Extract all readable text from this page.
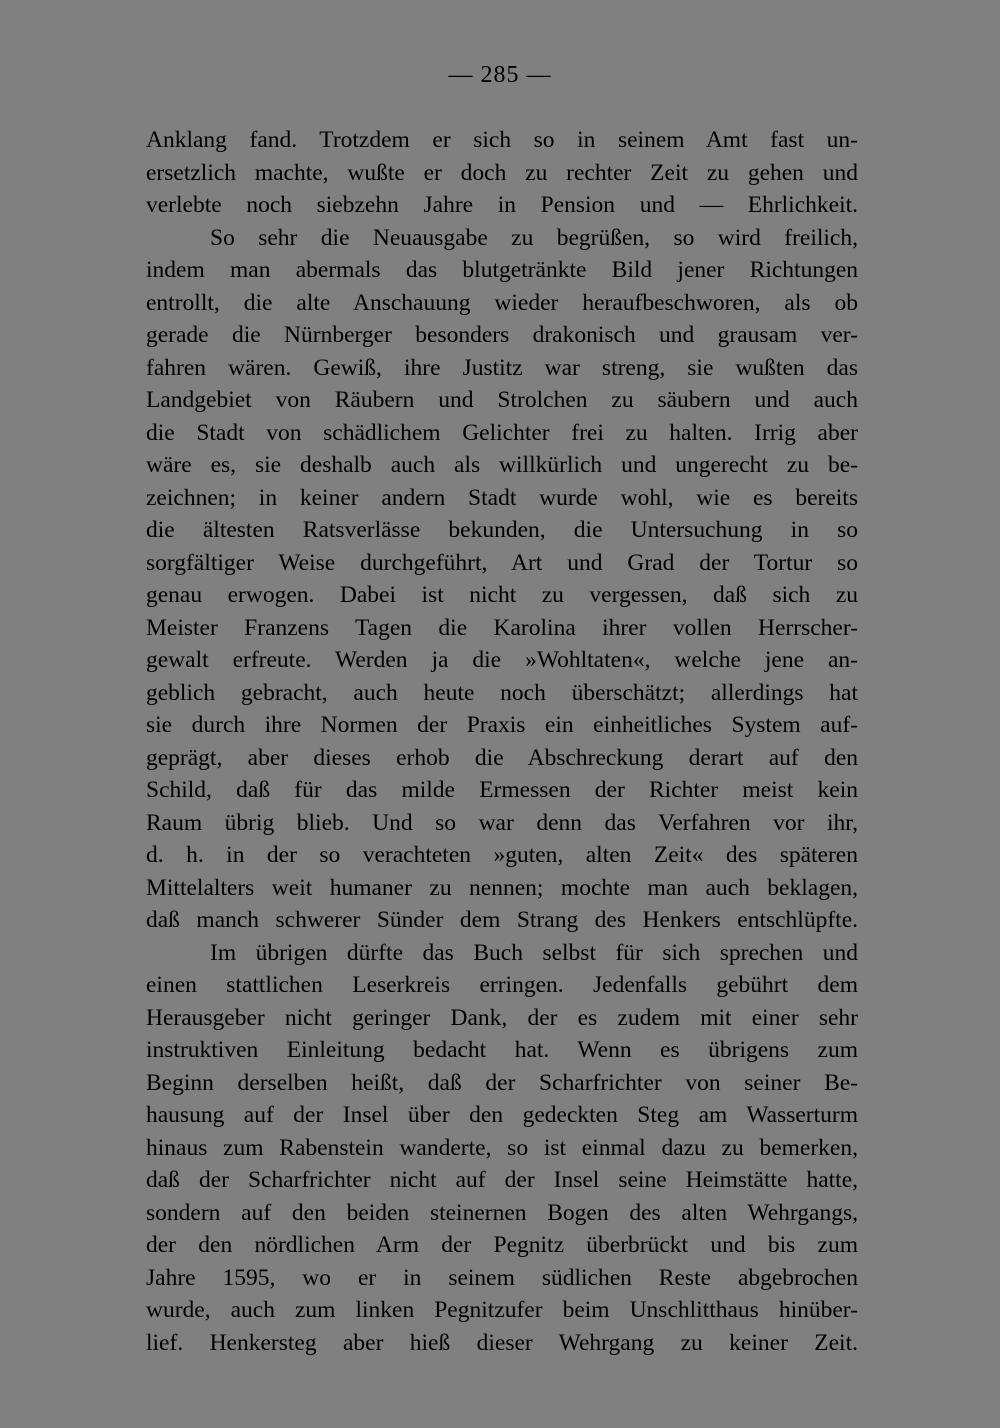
— 285 —
Anklang fand. Trotzdem er sich so in seinem Amt fast un-
ersetzlich machte, wußte er doch zu rechter Zeit zu gehen und
verlebte noch siebzehn Jahre in Pension und — Ehrlichkeit.
So sehr die Neuausgabe zu begrüßen, so wird freilich,
indem man abermals das blutgetränkte Bild jener Richtungen
entrollt, die alte Anschauung wieder heraufbeschworen, als ob
gerade die Nürnberger besonders drakonisch und grausam ver-
fahren wären. Gewiß, ihre Justitz war streng, sie wußten das
Landgebiet von Räubern und Strolchen zu säubern und auch
die Stadt von schädlichem Gelichter frei zu halten. Irrig aber
wäre es, sie deshalb auch als willkürlich und ungerecht zu be-
zeichnen; in keiner andern Stadt wurde wohl, wie es bereits
die ältesten Ratsverlässe bekunden, die Untersuchung in so
sorgfältiger Weise durchgeführt, Art und Grad der Tortur so
genau erwogen. Dabei ist nicht zu vergessen, daß sich zu
Meister Franzens Tagen die Karolina ihrer vollen Herrscher-
gewalt erfreute. Werden ja die »Wohltaten«, welche jene an-
geblich gebracht, auch heute noch überschätzt; allerdings hat
sie durch ihre Normen der Praxis ein einheitliches System auf-
geprägt, aber dieses erhob die Abschreckung derart auf den
Schild, daß für das milde Ermessen der Richter meist kein
Raum übrig blieb. Und so war denn das Verfahren vor ihr,
d. h. in der so verachteten »guten, alten Zeit« des späteren
Mittelalters weit humaner zu nennen; mochte man auch beklagen,
daß manch schwerer Sünder dem Strang des Henkers entschlüpfte.
Im übrigen dürfte das Buch selbst für sich sprechen und
einen stattlichen Leserkreis erringen. Jedenfalls gebührt dem
Herausgeber nicht geringer Dank, der es zudem mit einer sehr
instruktiven Einleitung bedacht hat. Wenn es übrigens zum
Beginn derselben heißt, daß der Scharfrichter von seiner Be-
hausung auf der Insel über den gedeckten Steg am Wasserturm
hinaus zum Rabenstein wanderte, so ist einmal dazu zu bemerken,
daß der Scharfrichter nicht auf der Insel seine Heimstätte hatte,
sondern auf den beiden steinernen Bogen des alten Wehrgangs,
der den nördlichen Arm der Pegnitz überbrückt und bis zum
Jahre 1595, wo er in seinem südlichen Reste abgebrochen
wurde, auch zum linken Pegnitzufer beim Unschlitthaus hinüber-
lief. Henkersteg aber hieß dieser Wehrgang zu keiner Zeit.
